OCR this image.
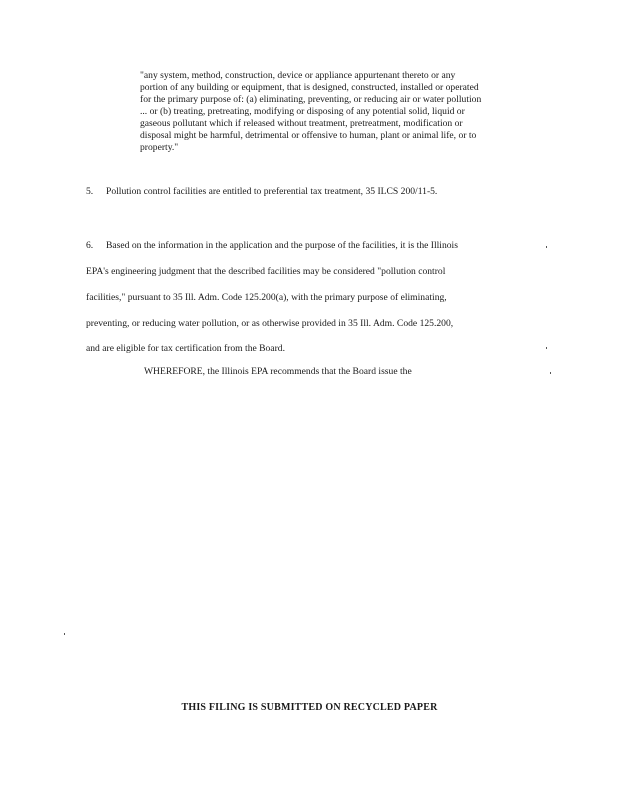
"any system, method, construction, device or appliance appurtenant thereto or any
portion of any building or equipment, that is designed, constructed, installed or operated
for the primary purpose of: (a) eliminating, preventing, or reducing air or water pollution
... or (b) treating, pretreating, modifying or disposing of any potential solid, liquid or
gaseous pollutant which if released without treatment, pretreatment, modification or
disposal might be harmful, detrimental or offensive to human, plant or animal life, or to
property."
5. Pollution control facilities are entitled to preferential tax treatment, 35 ILCS 200/11-5.
6. Based on the information in the application and the purpose of the facilities, it is the Illinois
EPA's engineering judgment that the described facilities may be considered "pollution control
facilities," pursuant to 35 Ill. Adm. Code 125.200(a), with the primary purpose of eliminating,
preventing, or reducing water pollution, or as otherwise provided in 35 Ill. Adm. Code 125.200,
and are eligible for tax certification from the Board.
WHEREFORE, the Illinois EPA recommends that the Board issue the
THIS FILING IS SUBMITTED ON RECYCLED PAPER
